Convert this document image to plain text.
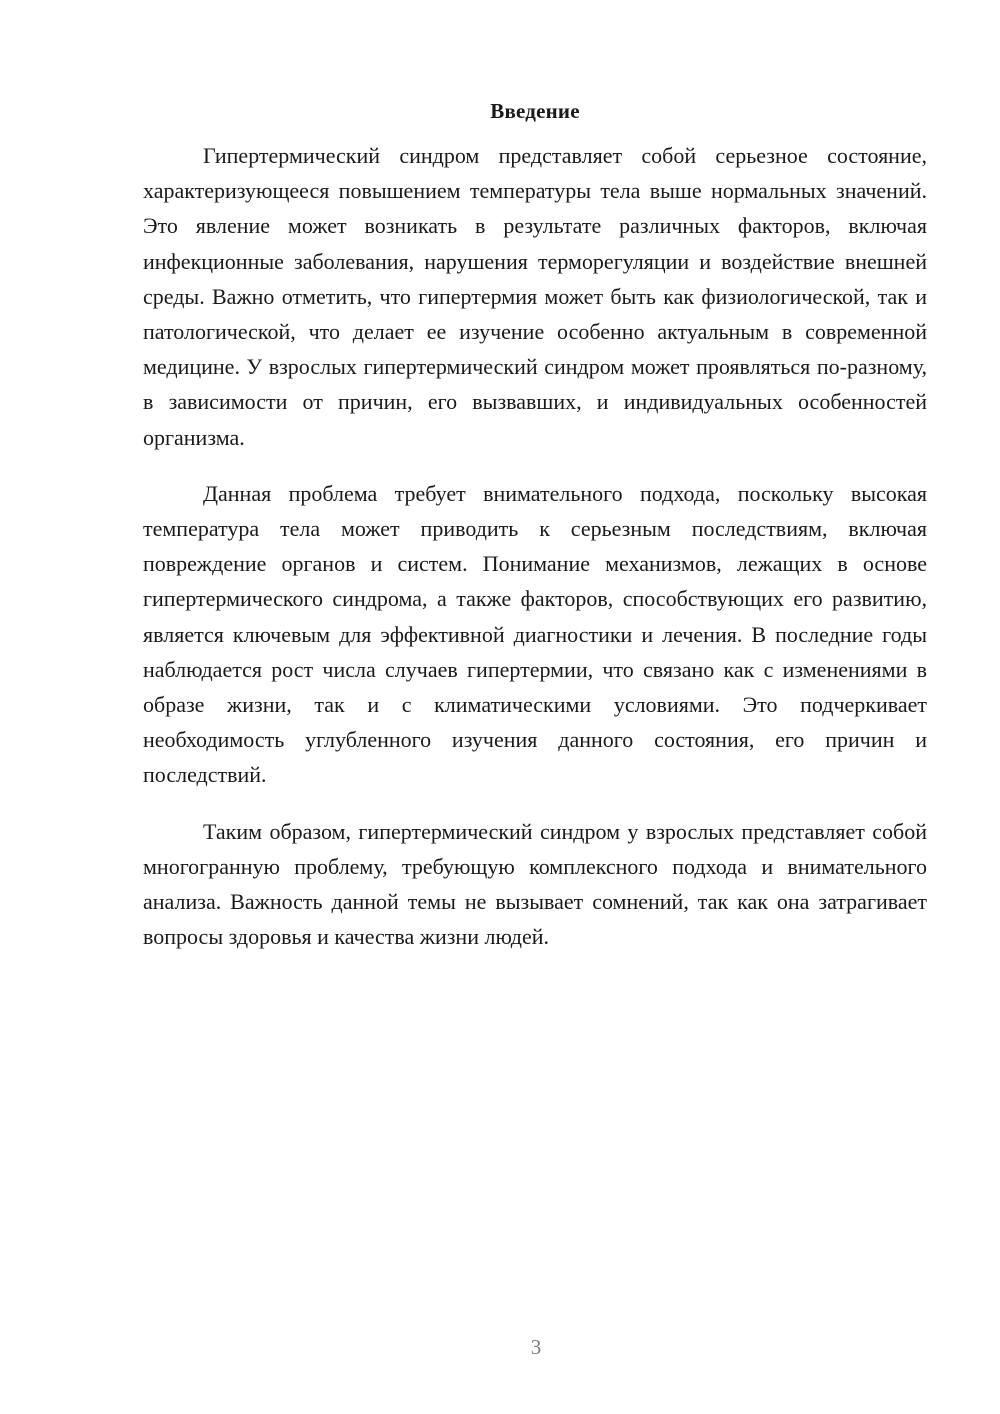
Введение

Гипертермический синдром представляет собой серьезное состояние, характеризующееся повышением температуры тела выше нормальных значений. Это явление может возникать в результате различных факторов, включая инфекционные заболевания, нарушения терморегуляции и воздействие внешней среды. Важно отметить, что гипертермия может быть как физиологической, так и патологической, что делает ее изучение особенно актуальным в современной медицине. У взрослых гипертермический синдром может проявляться по-разному, в зависимости от причин, его вызвавших, и индивидуальных особенностей организма.

Данная проблема требует внимательного подхода, поскольку высокая температура тела может приводить к серьезным последствиям, включая повреждение органов и систем. Понимание механизмов, лежащих в основе гипертермического синдрома, а также факторов, способствующих его развитию, является ключевым для эффективной диагностики и лечения. В последние годы наблюдается рост числа случаев гипертермии, что связано как с изменениями в образе жизни, так и с климатическими условиями. Это подчеркивает необходимость углубленного изучения данного состояния, его причин и последствий.

Таким образом, гипертермический синдром у взрослых представляет собой многогранную проблему, требующую комплексного подхода и внимательного анализа. Важность данной темы не вызывает сомнений, так как она затрагивает вопросы здоровья и качества жизни людей.

3
